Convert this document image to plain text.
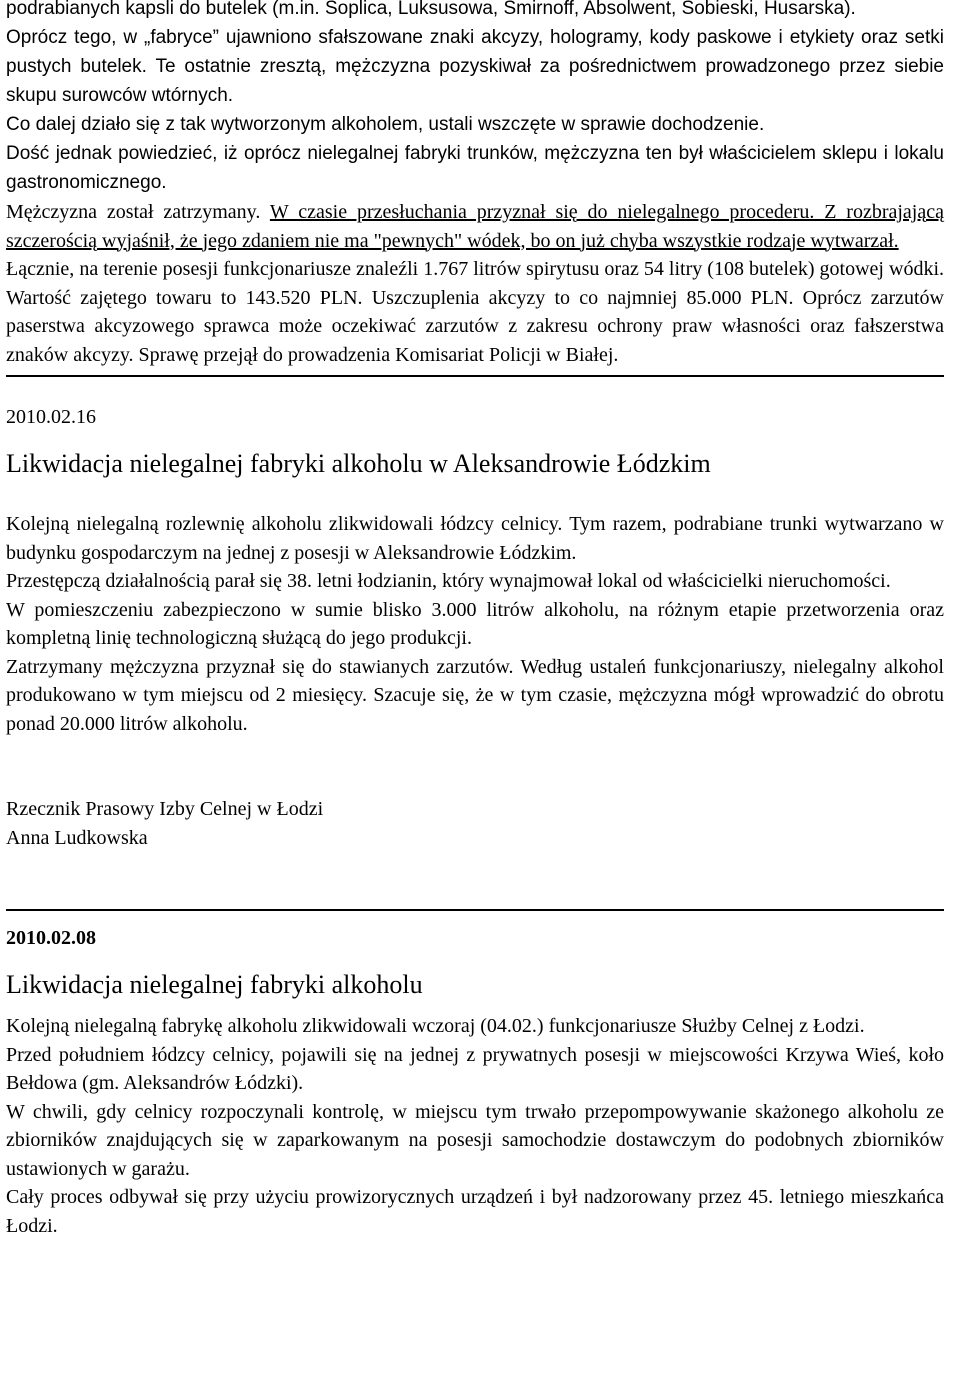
podrabianych kapsli do butelek (m.in. Soplica, Luksusowa, Smirnoff, Absolwent, Sobieski, Husarska).

Oprócz tego, w „fabryce” ujawniono sfałszowane znaki akcyzy, hologramy, kody paskowe i etykiety oraz setki pustych butelek. Te ostatnie zresztą, mężczyzna pozyskiwał za pośrednictwem prowadzonego przez siebie skupu surowców wtórnych.

Co dalej działo się z tak wytworzonym alkoholem, ustali wszczęte w sprawie dochodzenie.

Dość jednak powiedzieć, iż oprócz nielegalnej fabryki trunków, mężczyzna ten był właścicielem sklepu i lokalu gastronomicznego.

Mężczyzna został zatrzymany. W czasie przesłuchania przyznał się do nielegalnego procederu. Z rozbrajającą szczerością wyjaśnił, że jego zdaniem nie ma "pewnych" wódek, bo on już chyba wszystkie rodzaje wytwarzał.

Łącznie, na terenie posesji funkcjonariusze znaleźli 1.767 litrów spirytusu oraz 54 litry (108 butelek) gotowej wódki. Wartość zajętego towaru to 143.520 PLN. Uszczuplenia akcyzy to co najmniej 85.000 PLN. Oprócz zarzutów paserstwa akcyzowego sprawca może oczekiwać zarzutów z zakresu ochrony praw własności oraz fałszerstwa znaków akcyzy. Sprawę przejął do prowadzenia Komisariat Policji w Białej.

2010.02.16
Likwidacja nielegalnej fabryki alkoholu w Aleksandrowie Łódzkim

Kolejną nielegalną rozlewnię alkoholu zlikwidowali łódzcy celnicy. Tym razem, podrabiane trunki wytwarzano w budynku gospodarczym na jednej z posesji w Aleksandrowie Łódzkim.

Przestępczą działalnością parał się 38. letni łodzianin, który wynajmował lokal od właścicielki nieruchomości.

W pomieszczeniu zabezpieczono w sumie blisko 3.000 litrów alkoholu, na różnym etapie przetworzenia oraz kompletną linię technologiczną służącą do jego produkcji.

Zatrzymany mężczyzna przyznał się do stawianych zarzutów. Według ustaleń funkcjonariuszy, nielegalny alkohol produkowano w tym miejscu od 2 miesięcy. Szacuje się, że w tym czasie, mężczyzna mógł wprowadzić do obrotu ponad 20.000 litrów alkoholu.

Rzecznik Prasowy Izby Celnej w Łodzi
Anna Ludkowska
2010.02.08
Likwidacja nielegalnej fabryki alkoholu

Kolejną nielegalną fabrykę alkoholu zlikwidowali wczoraj (04.02.) funkcjonariusze Służby Celnej z Łodzi.

Przed południem łódzcy celnicy, pojawili się na jednej z prywatnych posesji w miejscowości Krzywa Wieś, koło Bełdowa (gm. Aleksandrów Łódzki).

W chwili, gdy celnicy rozpoczynali kontrolę, w miejscu tym trwało przepompowywanie skażonego alkoholu ze zbiorników znajdujących się w zaparkowanym na posesji samochodzie dostawczym do podobnych zbiorników ustawionych w garażu.

Cały proces odbywał się przy użyciu prowizorycznych urządzeń i był nadzorowany przez 45. letniego mieszkańca Łodzi.
